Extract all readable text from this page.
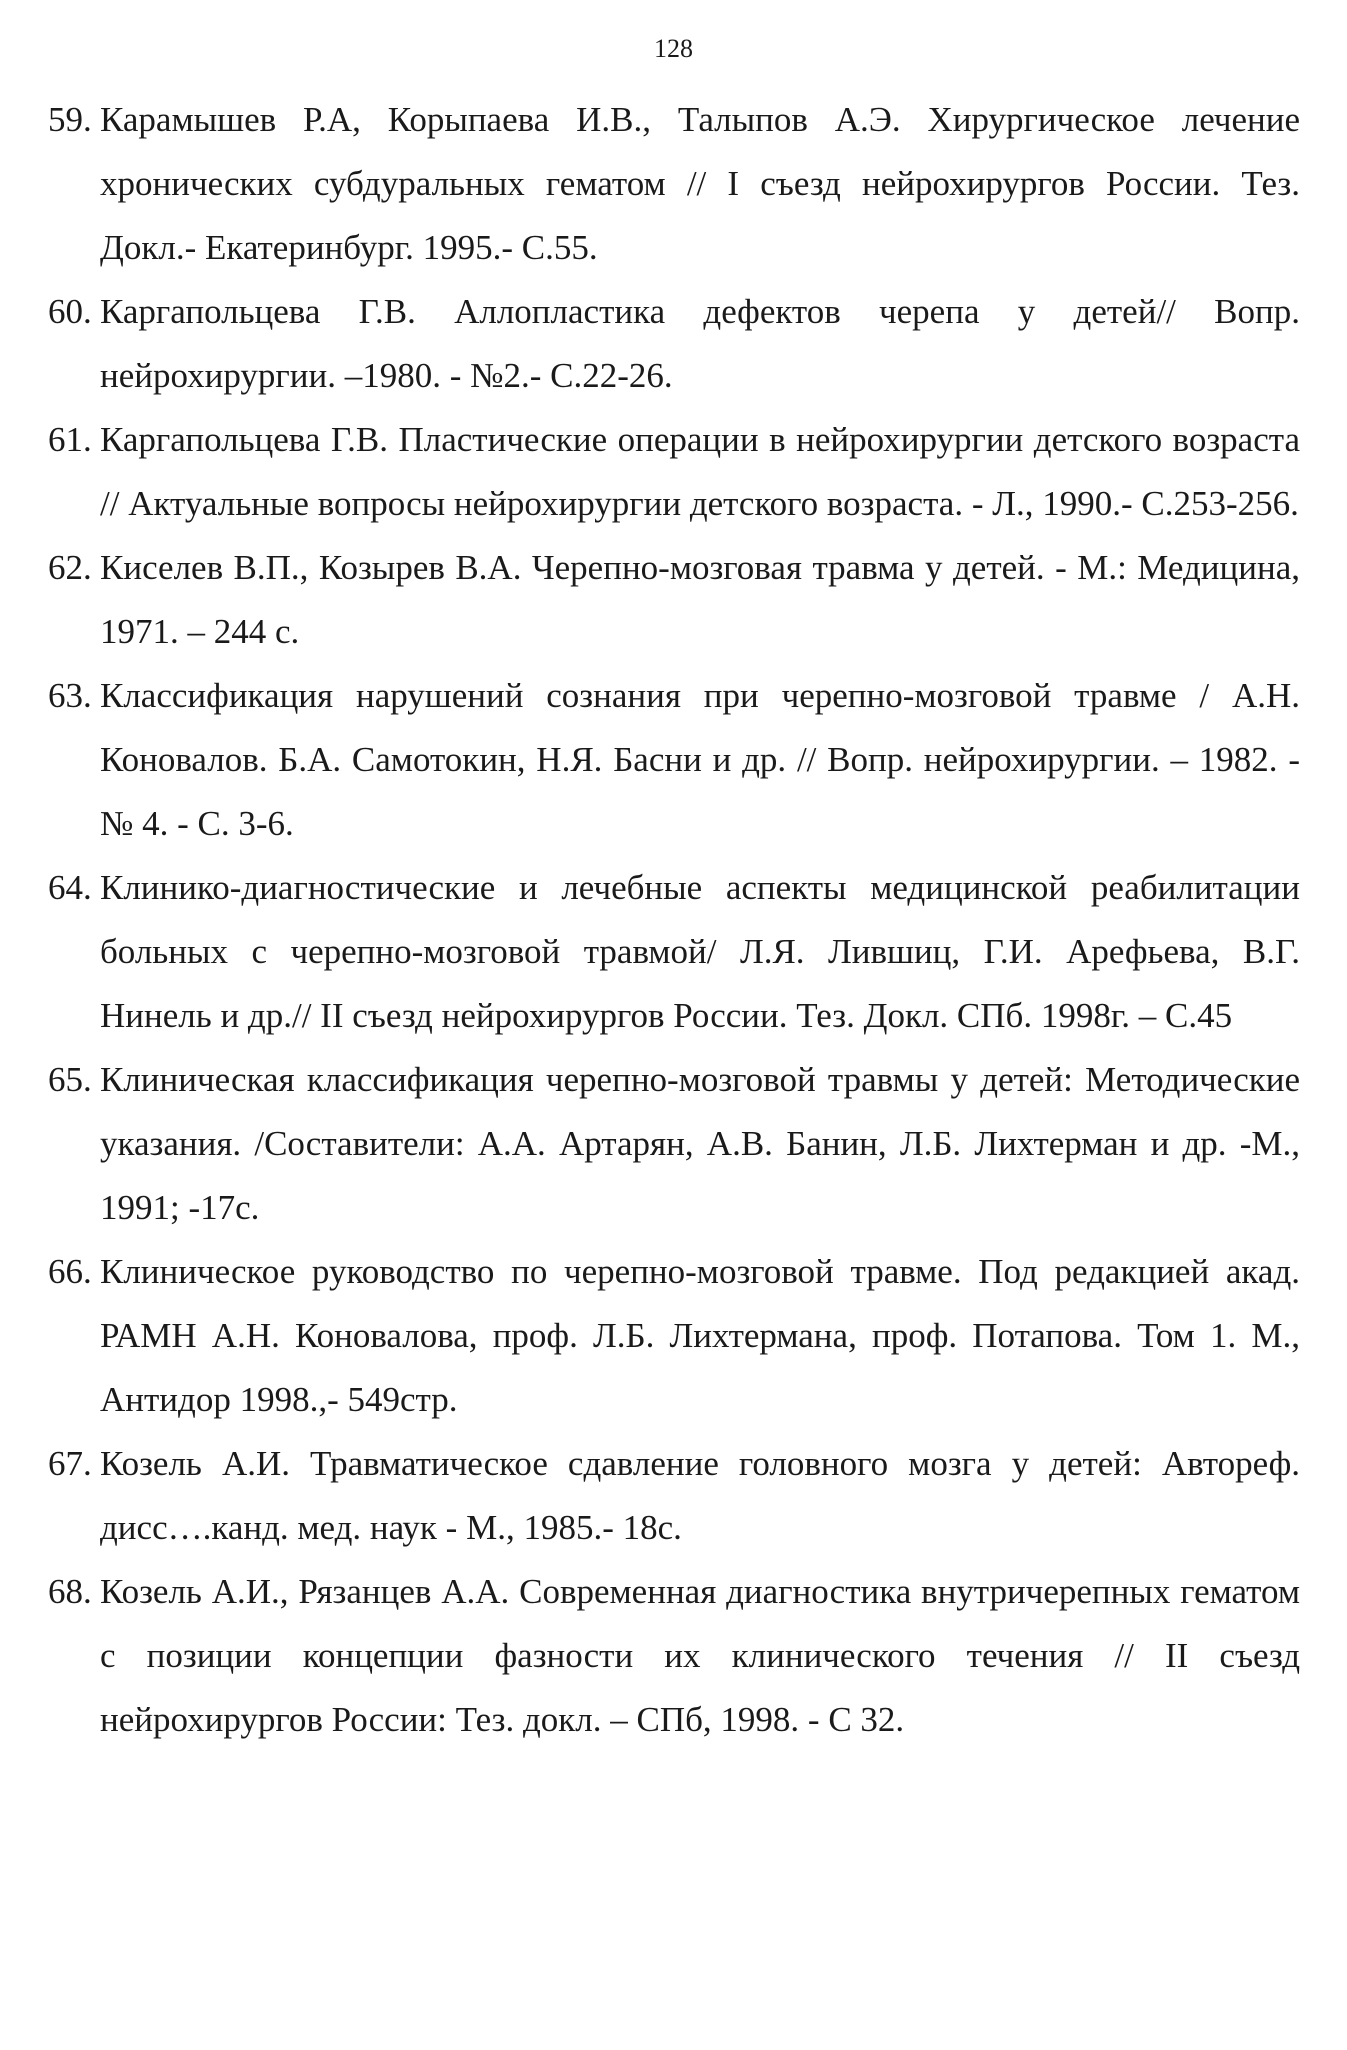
128
59. Карамышев Р.А, Корыпаева И.В., Талыпов А.Э. Хирургическое лечение хронических субдуральных гематом // I съезд нейрохирургов России. Тез. Докл.- Екатеринбург. 1995.- С.55.
60. Каргапольцева Г.В. Аллопластика дефектов черепа у детей// Вопр. нейрохирургии. –1980. - №2.- С.22-26.
61. Каргапольцева Г.В. Пластические операции в нейрохирургии детского возраста // Актуальные вопросы нейрохирургии детского возраста. - Л., 1990.- С.253-256.
62. Киселев В.П., Козырев В.А. Черепно-мозговая травма у детей. - М.: Медицина, 1971. – 244 с.
63. Классификация нарушений сознания при черепно-мозговой травме / А.Н. Коновалов. Б.А. Самотокин, Н.Я. Басни и др. // Вопр. нейрохирургии. – 1982. - № 4. - С. 3-6.
64. Клинико-диагностические и лечебные аспекты медицинской реабилитации больных с черепно-мозговой травмой/ Л.Я. Лившиц, Г.И. Арефьева, В.Г. Нинель и др.// II съезд нейрохирургов России. Тез. Докл. СПб. 1998г. – С.45
65. Клиническая классификация черепно-мозговой травмы у детей: Методические указания. /Составители: А.А. Артарян, А.В. Банин, Л.Б. Лихтерман и др. -М., 1991; -17с.
66. Клиническое руководство по черепно-мозговой травме. Под редакцией акад. РАМН А.Н. Коновалова, проф. Л.Б. Лихтермана, проф. Потапова. Том 1. М., Антидор 1998.,- 549стр.
67. Козель А.И. Травматическое сдавление головного мозга у детей: Автореф. дисс….канд. мед. наук - М., 1985.- 18с.
68. Козель А.И., Рязанцев А.А. Современная диагностика внутричерепных гематом с позиции концепции фазности их клинического течения // II съезд нейрохирургов России: Тез. докл. – СПб, 1998. - С 32.
